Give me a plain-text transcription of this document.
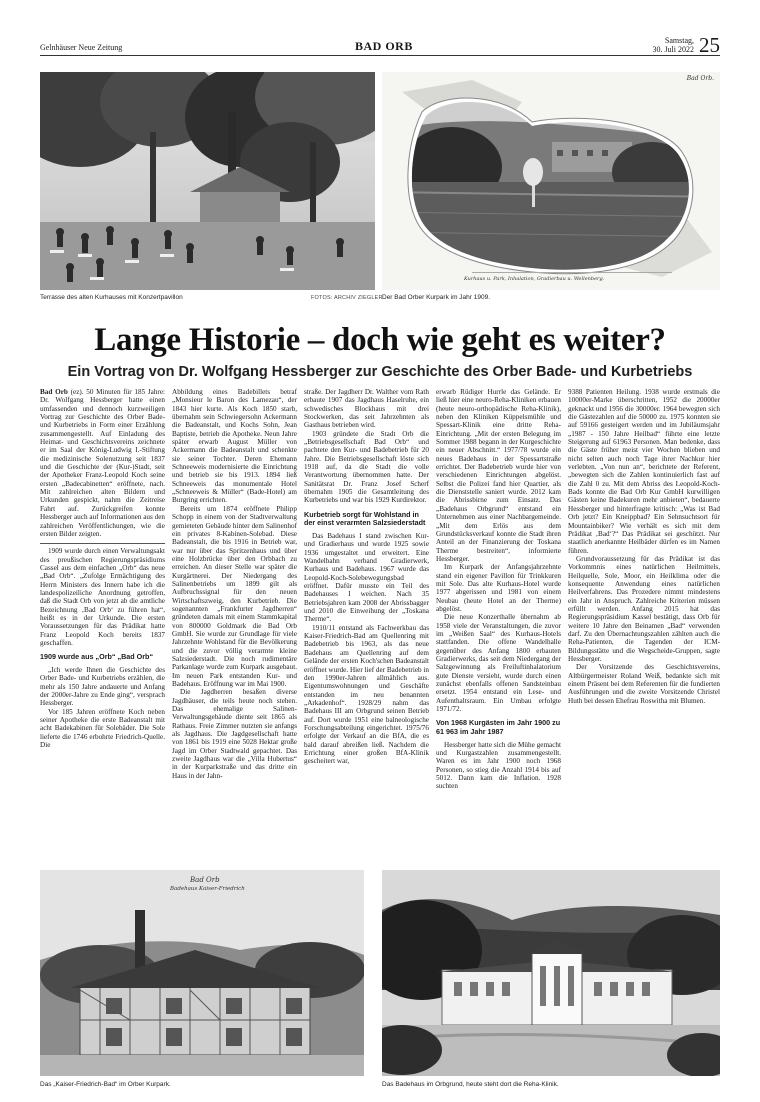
Gelnhäuser Neue Zeitung	BAD ORB	Samstag,
30. Juli 2022 25
Terrasse des alten Kurhauses mit Konzertpavillon	FOTOS: ARCHIV ZIEGLER
Bad Orb.
Kurhaus u. Park, Inhalation, Gradierbau u. Wellenberg.
Der Bad Orber Kurpark im Jahr 1909.
Lange Historie – doch wie geht es weiter?
Ein Vortrag von Dr. Wolfgang Hessberger zur Geschichte des Orber Bade- und Kurbetriebs

Bad Orb (ez). 50 Minuten für 185 Jahre: Dr. Wolfgang Hessberger hatte einen umfassenden und dennoch kurzweiligen Vortrag zur Geschichte des Orber Bade- und Kurbetriebs in Form einer Erzählung zusammengestellt. Auf Einladung des Heimat- und Geschichtsvereins zeichnete er im Saal der König-Ludwig I.-Stiftung die medizinische Solenutzung seit 1837 und die Geschichte der (Kur-)Stadt, seit der Apotheker Franz-Leopold Koch seine ersten „Badecabinetten“ eröffnete, nach. Mit zahlreichen alten Bildern und Urkunden gespickt, nahm die Zeitreise Fahrt auf. Zurückgreifen konnte Hessberger auch auf Informationen aus den zahlreichen Veröffentlichungen, wie die ersten Bilder zeigten.

1909 wurde durch einen Verwaltungsakt des preußischen Regierungspräsidiums Cassel aus dem einfachen „Orb“ das neue „Bad Orb“. „Zufolge Ermächtigung des Herrn Ministers des Innern habe ich die landespolizeiliche Anordnung getroffen, daß die Stadt Orb von jetzt ab die amtliche Bezeichnung ‚Bad Orb‘ zu führen hat“, heißt es in der Urkunde. Die ersten Voraussetzungen für das Prädikat hatte Franz Leopold Koch bereits 1837 geschaffen.

1909 wurde aus „Orb“ „Bad Orb“

„Ich werde Ihnen die Geschichte des Orber Bade- und Kurbetriebs erzählen, die mehr als 150 Jahre andauerte und Anfang der 2000er-Jahre zu Ende ging“, versprach Hessberger.

Vor 185 Jahren eröffnete Koch neben seiner Apotheke die erste Badeanstalt mit acht Badekabinen für Solebäder. Die Sole lieferte die 1746 erbohrte Friedrich-Quelle. Die

Abbildung eines Badebillets betraf „Monsieur le Baron des Lamezau“, der 1843 hier kurte. Als Koch 1850 starb, übernahm sein Schwiegersohn Ackermann die Badeanstalt, und Kochs Sohn, Jean Baptiste, betrieb die Apotheke. Neun Jahre später erwarb August Müller von Ackermann die Badeanstalt und schenkte sie seiner Tochter. Deren Ehemann Schneeweis modernisierte die Einrichtung und betrieb sie bis 1913. 1894 ließ Schneeweis das monumentale Hotel „Schneeweis & Müller“ (Bade-Hotel) am Burgring errichten.

Bereits um 1874 eröffnete Philipp Schopp in einem von der Stadtverwaltung gemieteten Gebäude hinter dem Salinenhof ein privates 8-Kabinen-Solebad. Diese Badeanstalt, die bis 1916 in Betrieb war, war nur über das Spritzenhaus und über eine Holzbrücke über den Orbbach zu erreichen. An dieser Stelle war später die Kurgärtnerei. Der Niedergang des Salinenbetriebs um 1899 gilt als Aufbruchssignal für den neuen Wirtschaftszweig, den Kurbetrieb. Die sogenannten „Frankfurter Jagdherren“ gründeten damals mit einem Stammkapital von 800000 Goldmark die Bad Orb GmbH. Sie wurde zur Grundlage für viele Jahrzehnte Wohlstand für die Bevölkerung und die zuvor völlig verarmte kleine Salzsiederstadt. Die noch rudimentäre Parkanlage wurde zum Kurpark ausgebaut. Im neuen Park entstanden Kur- und Badehaus. Eröffnung war im Mai 1900.

Die Jagdherren besaßen diverse Jagdhäuser, die teils heute noch stehen. Das ehemalige Salinen-Verwaltungsgebäude diente seit 1865 als Rathaus. Freie Zimmer nutzten sie anfangs als Jagdhaus. Die Jagdgesellschaft hatte von 1861 bis 1919 eine 5028 Hektar große Jagd im Orber Stadtwald gepachtet. Das zweite Jagdhaus war die „Villa Hubertus“ in der Kurparkstraße und das dritte ein Haus in der Jahn-

straße. Der Jagdherr Dr. Walther vom Rath erbaute 1907 das Jagdhaus Haselruhe, ein schwedisches Blockhaus mit drei Stockwerken, das seit Jahrzehnten als Gasthaus betrieben wird.

1903 gründete die Stadt Orb die „Betriebsgesellschaft Bad Orb“ und pachtete den Kur- und Badebetrieb für 20 Jahre. Die Betriebsgesellschaft löste sich 1918 auf, da die Stadt die volle Verantwortung übernommen hatte. Der Sanitätsrat Dr. Franz Josef Scherf übernahm 1905 die Gesamtleitung des Kurbetriebs und war bis 1929 Kurdirektor.

Kurbetrieb sorgt für Wohlstand in der einst verarmten Salzsiederstadt

Das Badehaus I stand zwischen Kur- und Gradierhaus und wurde 1925 sowie 1936 umgestaltet und erweitert. Eine Wandelbahn verband Gradierwerk, Kurhaus und Badehaus. 1967 wurde das Leopold-Koch-Solebewegungsbad eröffnet. Dafür musste ein Teil des Badehauses I weichen. Nach 35 Betriebsjahren kam 2008 der Abrissbagger und 2010 die Einweihung der „Toskana Therme“.

1910/11 entstand als Fachwerkbau das Kaiser-Friedrich-Bad am Quellenring mit Badebetrieb bis 1963, als das neue Badehaus am Quellenring auf dem Gelände der ersten Koch'schen Badeanstalt eröffnet wurde. Hier lief der Badebetrieb in den 1990er-Jahren allmählich aus. Eigentumswohnungen und Geschäfte entstanden im neu benannten „Arkadenhof“. 1928/29 nahm das Badehaus III am Orbgrund seinen Betrieb auf. Dort wurde 1951 eine balneologische Forschungsabteilung eingerichtet. 1975/76 erfolgte der Verkauf an die BfA, die es bald darauf abreißen ließ. Nachdem die Errichtung einer großen BfA-Klinik gescheitert war,

erwarb Rüdiger Hurrle das Gelände. Er ließ hier eine neuro-Reha-Kliniken erbauen (heute neuro-orthopädische Reha-Klinik), neben den Kliniken Küppelsmühle und Spessart-Klinik eine dritte Reha-Einrichtung. „Mit der ersten Belegung im Sommer 1988 begann in der Kurgeschichte ein neuer Abschnitt.“ 1977/78 wurde ein neues Badehaus in der Spessartstraße errichtet. Der Badebetrieb wurde hier von verschiedenen Einrichtungen abgelöst. Selbst die Polizei fand hier Quartier, als die Dienststelle saniert wurde. 2012 kam die Abrissbirne zum Einsatz. Das „Badehaus Orbgrund“ entstand ein Unternehmen aus einer Nachbargemeinde. „Mit dem Erlös aus dem Grundstücksverkauf konnte die Stadt ihren Anteil an der Finanzierung der Toskana Therme bestreiten“, informierte Hessberger.

Im Kurpark der Anfangsjahrzehnte stand ein eigener Pavillon für Trinkkuren mit Sole. Das alte Kurhaus-Hotel wurde 1977 abgerissen und 1981 von einem Neubau (heute Hotel an der Therme) abgelöst.

Die neue Konzerthalle übernahm ab 1958 viele der Veranstaltungen, die zuvor im „Weißen Saal“ des Kurhaus-Hotels stattfanden. Die offene Wandelhalle gegenüber des Anfang 1800 erbauten Gradierwerks, das seit dem Niedergang der Salzgewinnung als Freiluftinhalatorium gute Dienste versieht, wurde durch einen zunächst ebenfalls offenen Sandsteinbau ersetzt. 1954 entstand ein Lese- und Aufenthaltsraum. Ein Umbau erfolgte 1971/72.

Von 1968 Kurgästen im Jahr 1900 zu 61 963 im Jahr 1987

Hessberger hatte sich die Mühe gemacht und Kurgastzahlen zusammengestellt. Waren es im Jahr 1900 noch 1968 Personen, so stieg die Anzahl 1914 bis auf 5012. Dann kam die Inflation. 1928 suchten

9388 Patienten Heilung. 1938 wurde erstmals die 10000er-Marke überschritten, 1952 die 20000er geknackt und 1956 die 30000er. 1964 bewegten sich die Gästezahlen auf die 50000 zu. 1975 konnten sie auf 59166 gesteigert werden und im Jubiläumsjahr „1987 - 150 Jahre Heilbad“ führte eine letzte Steigerung auf 61963 Personen. Man bedenke, dass die Gäste früher meist vier Wochen blieben und nicht selten auch noch Tage ihrer Nachkur hier verlebten. „Von nun an“, berichtete der Referent, „bewegten sich die Zahlen kontinuierlich fast auf die Zahl 0 zu. Mit dem Abriss des Leopold-Koch-Bads konnte die Bad Orb Kur GmbH kurwilligen Gästen keine Badekuren mehr anbieten“, bedauerte Hessberger und hinterfragte kritisch: „Was ist Bad Orb jetzt? Ein Kneippbad? Ein Sehnsuchtsort für Mountainbiker? Wie verhält es sich mit dem Prädikat ‚Bad‘?“ Das Prädikat sei geschützt. Nur staatlich anerkannte Heilbäder dürfen es im Namen führen.

Grundvoraussetzung für das Prädikat ist das Vorkommnis eines natürlichen Heilmittels, Heilquelle, Sole, Moor, ein Heilklima oder die konsequente Anwendung eines natürlichen Heilverfahrens. Das Prozedere nimmt mindestens ein Jahr in Anspruch. Zahlreiche Kriterien müssen erfüllt werden. Anfang 2015 hat das Regierungspräsidium Kassel bestätigt, dass Orb für weitere 10 Jahre den Beinamen „Bad“ verwenden darf. Zu den Übernachtungszahlen zählten auch die Reha-Patienten, die Tagenden der ICM-Bildungsstätte und die Wegscheide-Gruppen, sagte Hessberger.

Der Vorsitzende des Geschichtsvereins, Altbürgermeister Roland Weiß, bedankte sich mit einem Präsent bei dem Referenten für die fundierten Ausführungen und die zweite Vorsitzende Christel Huth bei dessen Ehefrau Roswitha mit Blumen.

Bad Orb
Badehaus Kaiser-Friedrich
Das „Kaiser-Friedrich-Bad“ im Orber Kurpark.	Das Badehaus im Orbgrund, heute steht dort die Reha-Klinik.
